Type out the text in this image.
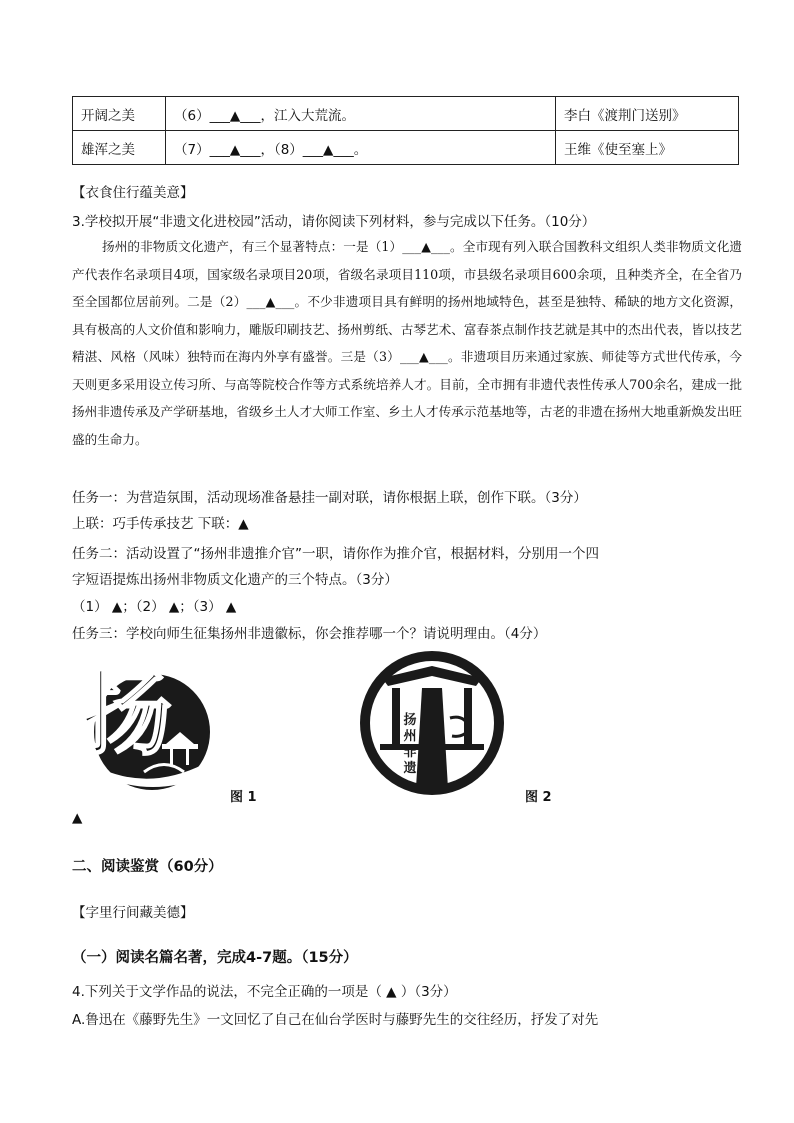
开阔之美	（6）___▲___，江入大荒流。	李白《渡荆门送别》
雄浑之美	（7）___▲___，（8）___▲___。	王维《使至塞上》
【衣食住行蕴美意】
3.学校拟开展“非遗文化进校园”活动，请你阅读下列材料，参与完成以下任务。（10分）
扬州的非物质文化遗产，有三个显著特点：一是（1）___▲___。全市现有列入联合国教科文组织人类非物质文化遗产代表作名录项目4项，国家级名录项目20项，省级名录项目110项，市县级名录项目600余项，且种类齐全，在全省乃至全国都位居前列。二是（2）___▲___。不少非遗项目具有鲜明的扬州地域特色，甚至是独特、稀缺的地方文化资源，具有极高的人文价值和影响力，雕版印刷技艺、扬州剪纸、古琴艺术、富春茶点制作技艺就是其中的杰出代表，皆以技艺精湛、风格（风味）独特而在海内外享有盛誉。三是（3）___▲___。非遗项目历来通过家族、师徒等方式世代传承，今天则更多采用设立传习所、与高等院校合作等方式系统培养人才。目前，全市拥有非遗代表性传承人700余名，建成一批扬州非遗传承及产学研基地，省级乡土人才大师工作室、乡土人才传承示范基地等，古老的非遗在扬州大地重新焕发出旺盛的生命力。
任务一：为营造氛围，活动现场准备悬挂一副对联，请你根据上联，创作下联。（3分）
上联：巧手传承技艺 下联：▲
任务二：活动设置了“扬州非遗推介官”一职，请你作为推介官，根据材料，分别用一个四
字短语提炼出扬州非物质文化遗产的三个特点。（3分）
（1） ▲；（2） ▲；（3） ▲
任务三：学校向师生征集扬州非遗徽标，你会推荐哪一个？请说明理由。（4分）
扬
图 1
扬
州
非
遗
图 2
▲
二、阅读鉴赏（60分）
【字里行间藏美德】
（一）阅读名篇名著，完成4-7题。（15分）
4.下列关于文学作品的说法，不完全正确的一项是（ ▲ ）（3分）
A.鲁迅在《藤野先生》一文回忆了自己在仙台学医时与藤野先生的交往经历，抒发了对先
